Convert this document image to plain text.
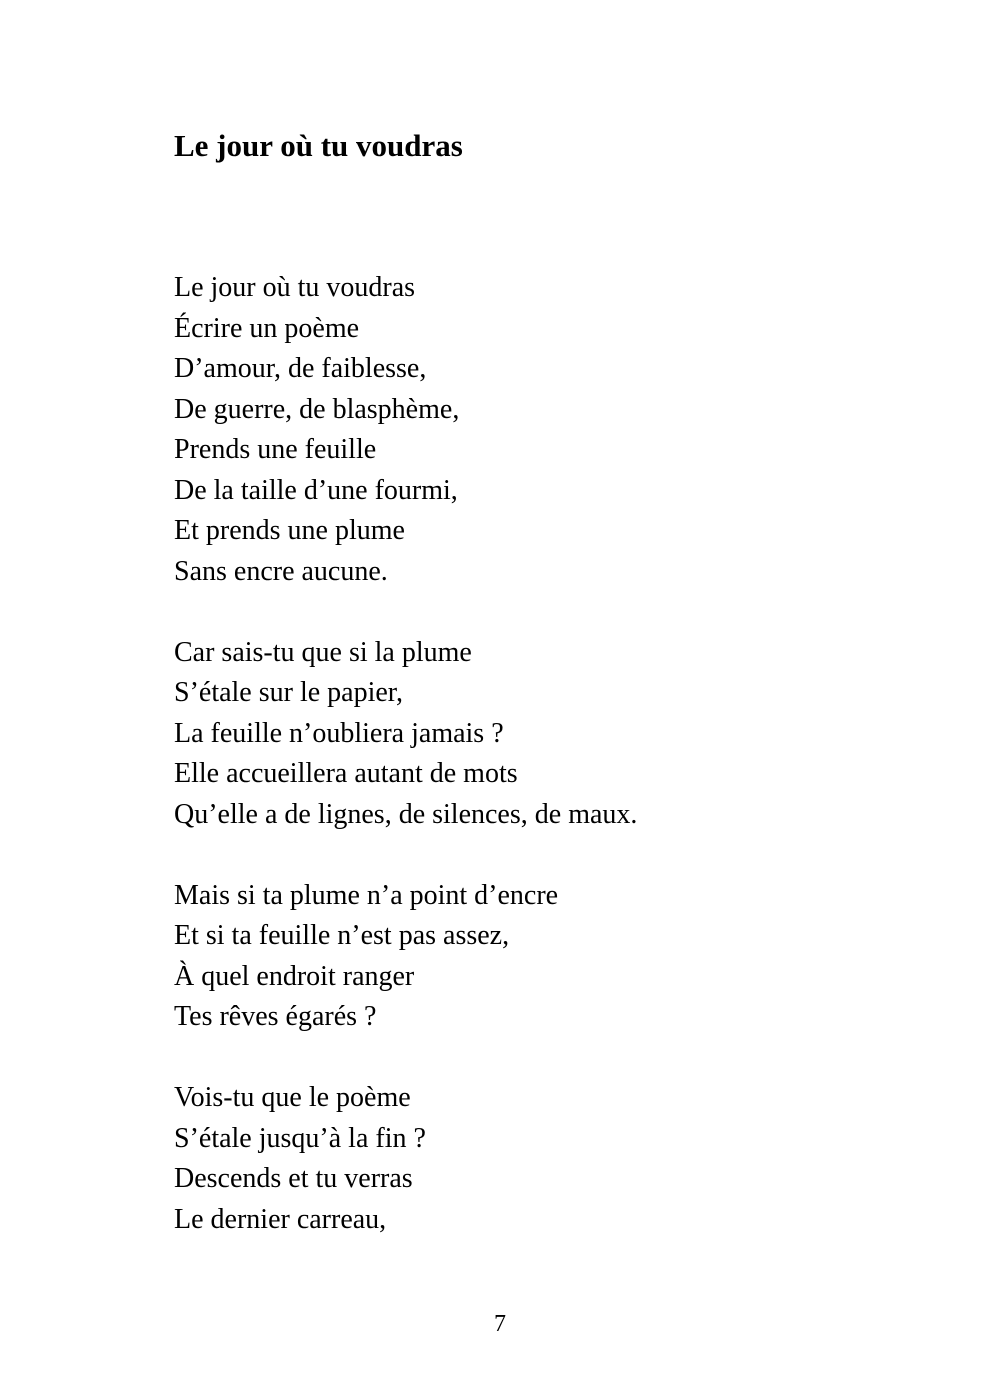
Le jour où tu voudras
Le jour où tu voudras
Écrire un poème
D’amour, de faiblesse,
De guerre, de blasphème,
Prends une feuille
De la taille d’une fourmi,
Et prends une plume
Sans encre aucune.
Car sais-tu que si la plume
S’étale sur le papier,
La feuille n’oubliera jamais ?
Elle accueillera autant de mots
Qu’elle a de lignes, de silences, de maux.
Mais si ta plume n’a point d’encre
Et si ta feuille n’est pas assez,
À quel endroit ranger
Tes rêves égarés ?
Vois-tu que le poème
S’étale jusqu’à la fin ?
Descends et tu verras
Le dernier carreau,
7
